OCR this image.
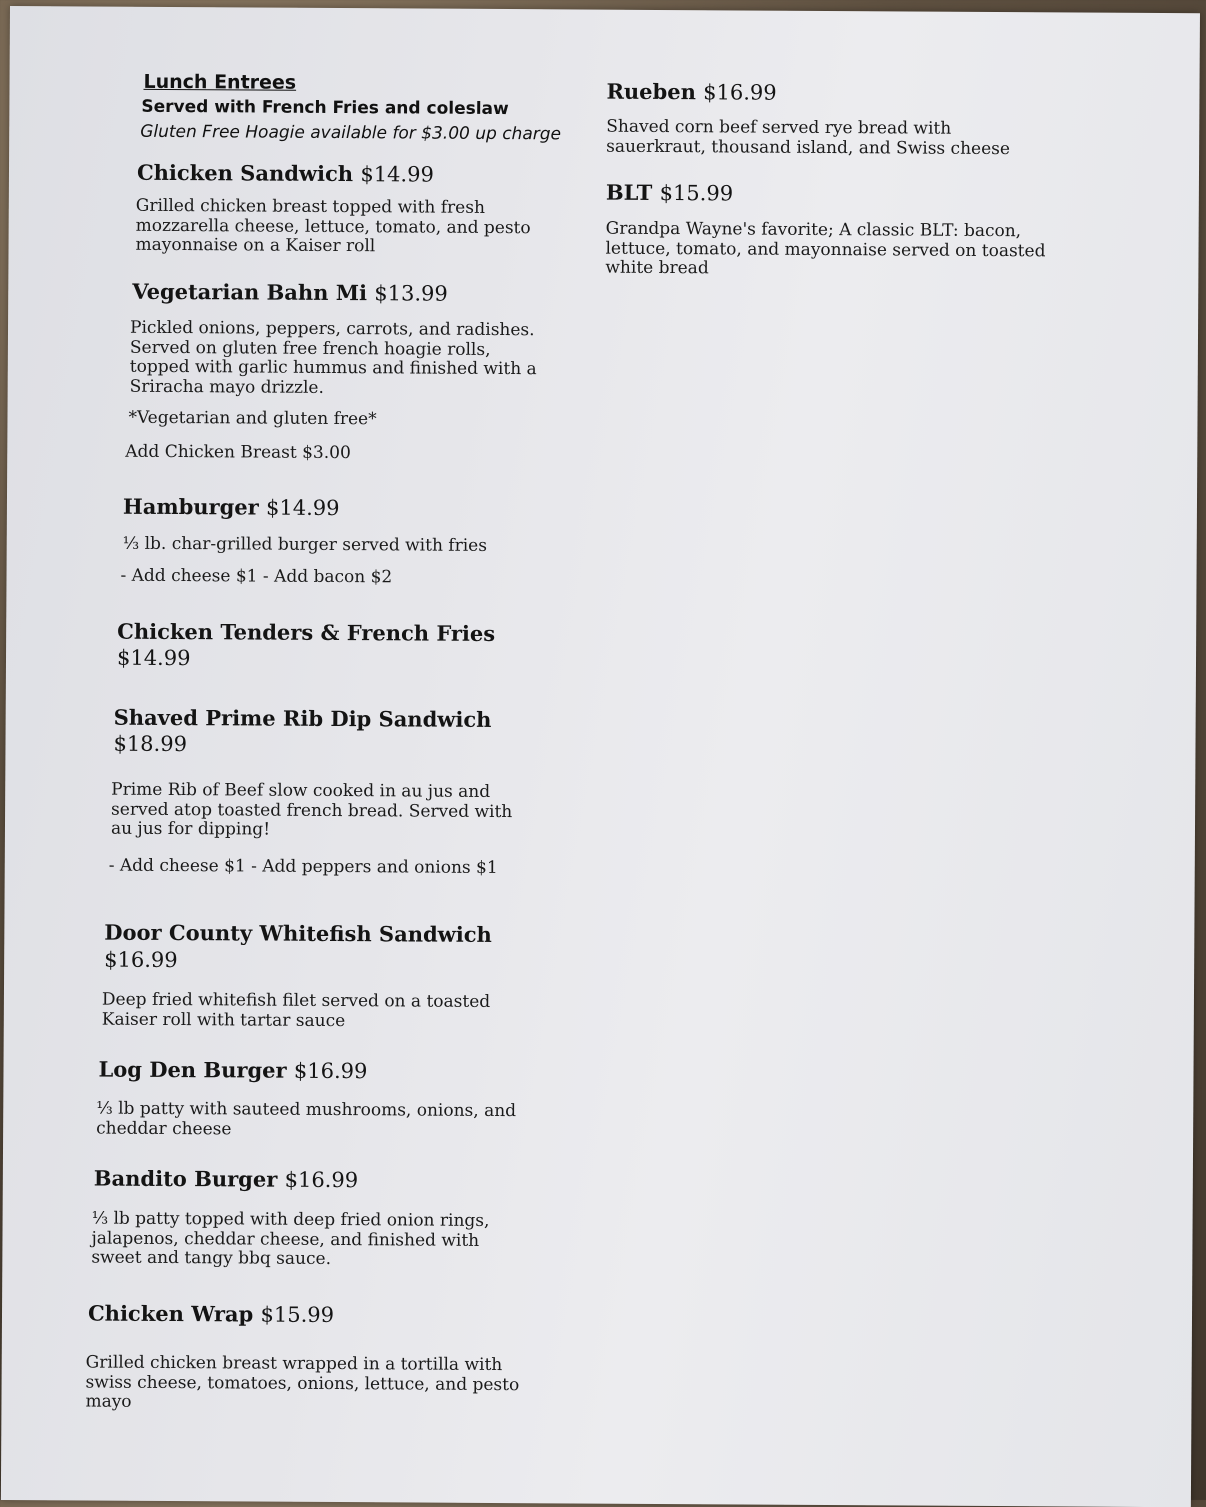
Lunch Entrees
Served with French Fries and coleslaw
Gluten Free Hoagie available for $3.00 up charge
Chicken Sandwich $14.99
Grilled chicken breast topped with fresh mozzarella cheese, lettuce, tomato, and pesto mayonnaise on a Kaiser roll
Vegetarian Bahn Mi $13.99
Pickled onions, peppers, carrots, and radishes. Served on gluten free french hoagie rolls, topped with garlic hummus and finished with a Sriracha mayo drizzle.
*Vegetarian and gluten free*
Add Chicken Breast $3.00
Hamburger $14.99
⅓ lb. char-grilled burger served with fries
- Add cheese $1 - Add bacon $2
Chicken Tenders & French Fries
$14.99
Shaved Prime Rib Dip Sandwich
$18.99
Prime Rib of Beef slow cooked in au jus and served atop toasted french bread. Served with au jus for dipping!
- Add cheese $1 - Add peppers and onions $1
Door County Whitefish Sandwich
$16.99
Deep fried whitefish filet served on a toasted Kaiser roll with tartar sauce
Log Den Burger $16.99
⅓ lb patty with sauteed mushrooms, onions, and cheddar cheese
Bandito Burger $16.99
⅓ lb patty topped with deep fried onion rings, jalapenos, cheddar cheese, and finished with sweet and tangy bbq sauce.
Chicken Wrap $15.99
Grilled chicken breast wrapped in a tortilla with swiss cheese, tomatoes, onions, lettuce, and pesto mayo
Rueben $16.99
Shaved corn beef served rye bread with sauerkraut, thousand island, and Swiss cheese
BLT $15.99
Grandpa Wayne's favorite; A classic BLT: bacon, lettuce, tomato, and mayonnaise served on toasted white bread
